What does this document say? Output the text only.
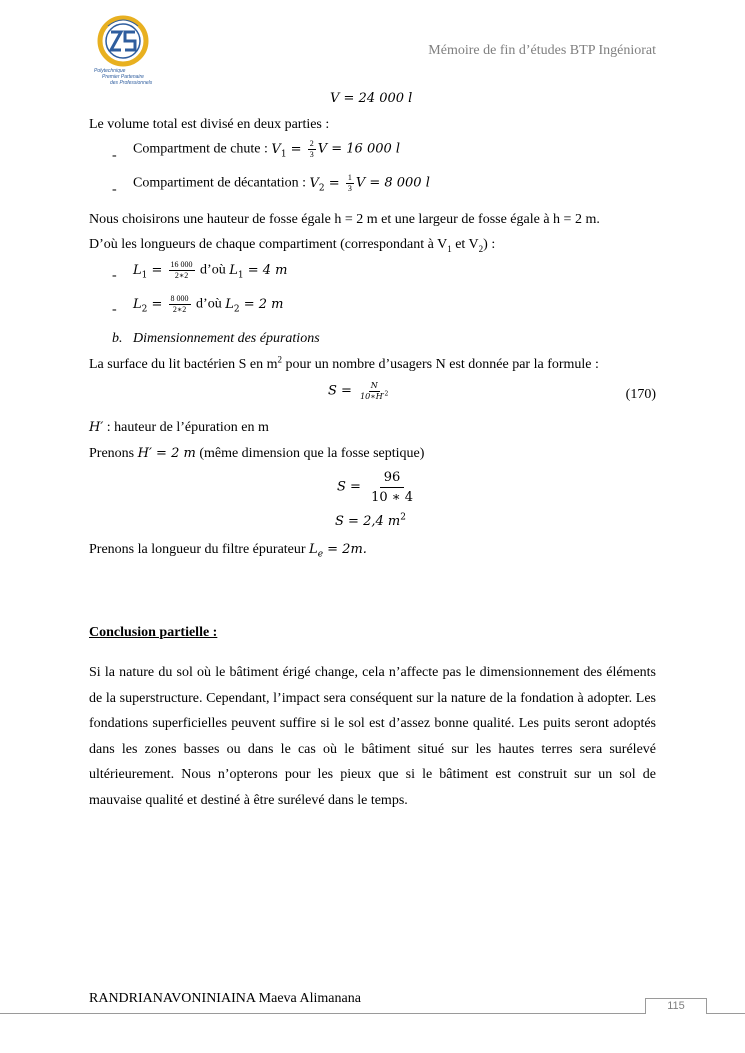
Polytechnique
Premier Partenaire
des Professionnels
Mémoire de fin d’études BTP Ingéniorat
V = 24 000 l
Le volume total est divisé en deux parties :
- Compartment de chute : $V_1 = \frac{2}{3}$ V = 16 000 l
- Compartiment de décantation : $V_2 = \frac{1}{3}$ V = 8 000 l
Nous choisirons une hauteur de fosse égale h = 2 m et une largeur de fosse égale à h = 2 m.
D’où les longueurs de chaque compartiment (correspondant à $V_1$ et $V_2$) :
- $L_1 = \frac{16 000}{2∗2}$ d’où $L_1 = 4$ m
- $L_2 = \frac{8 000}{2∗2}$ d’où $L_2 = 2$ m
b.   Dimensionnement des épurations
La surface du lit bactérien S en $m^2$ pour un nombre d’usagers N est donnée par la formule :
$S = \frac{N}{10∗H'^2}$	(170)
H′ : hauteur de l’épuration en m
Prenons H′ = 2 m (même dimension que la fosse septique)
$S = \frac{96}{10 ∗ 4}$
S = 2,4 $m^2$
Prenons la longueur du filtre épurateur $L_e = 2m$.
Conclusion partielle :
Si la nature du sol où le bâtiment érigé change, cela n’affecte pas le dimensionnement des éléments de la superstructure. Cependant, l’impact sera conséquent sur la nature de la fondation à adopter. Les fondations superficielles peuvent suffire si le sol est d’assez bonne qualité. Les puits seront adoptés dans les zones basses ou dans le cas où le bâtiment situé sur les hautes terres sera surélevé ultérieurement. Nous n’opterons pour les pieux que si le bâtiment est construit sur un sol de mauvaise qualité et destiné à être surélevé dans le temps.
RANDRIANAVONINIAINA Maeva Alimanana	115
